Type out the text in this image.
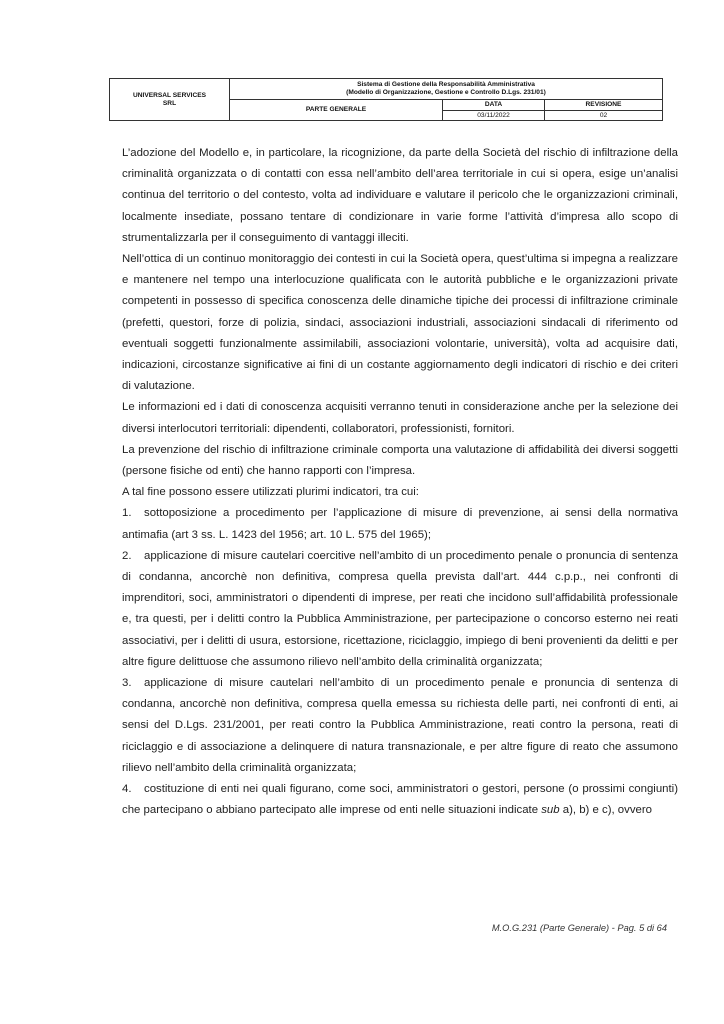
UNIVERSAL SERVICES SRL	Sistema di Gestione della Responsabilità Amministrativa
(Modello di Organizzazione, Gestione e Controllo D.Lgs. 231/01)		

	PARTE GENERALE	DATA	REVISIONE
		03/11/2022	02

L’adozione del Modello e, in particolare, la ricognizione, da parte della Società del rischio di infiltrazione della criminalità organizzata o di contatti con essa nell’ambito dell’area territoriale in cui si opera, esige un’analisi continua del territorio o del contesto, volta ad individuare e valutare il pericolo che le organizzazioni criminali, localmente insediate, possano tentare di condizionare in varie forme l’attività d’impresa allo scopo di strumentalizzarla per il conseguimento di vantaggi illeciti.

Nell’ottica di un continuo monitoraggio dei contesti in cui la Società opera, quest’ultima si impegna a realizzare e mantenere nel tempo una interlocuzione qualificata con le autorità pubbliche e le organizzazioni private competenti in possesso di specifica conoscenza delle dinamiche tipiche dei processi di infiltrazione criminale (prefetti, questori, forze di polizia, sindaci, associazioni industriali, associazioni sindacali di riferimento od eventuali soggetti funzionalmente assimilabili, associazioni volontarie, università), volta ad acquisire dati, indicazioni, circostanze significative ai fini di un costante aggiornamento degli indicatori di rischio e dei criteri di valutazione.

Le informazioni ed i dati di conoscenza acquisiti verranno tenuti in considerazione anche per la selezione dei diversi interlocutori territoriali: dipendenti, collaboratori, professionisti, fornitori.

La prevenzione del rischio di infiltrazione criminale comporta una valutazione di affidabilità dei diversi soggetti (persone fisiche od enti) che hanno rapporti con l’impresa.

A tal fine possono essere utilizzati plurimi indicatori, tra cui:

1. sottoposizione a procedimento per l’applicazione di misure di prevenzione, ai sensi della normativa antimafia (art 3 ss. L. 1423 del 1956; art. 10 L. 575 del 1965);

2. applicazione di misure cautelari coercitive nell’ambito di un procedimento penale o pronuncia di sentenza di condanna, ancorchè non definitiva, compresa quella prevista dall’art. 444 c.p.p., nei confronti di imprenditori, soci, amministratori o dipendenti di imprese, per reati che incidono sull’affidabilità professionale e, tra questi, per i delitti contro la Pubblica Amministrazione, per partecipazione o concorso esterno nei reati associativi, per i delitti di usura, estorsione, ricettazione, riciclaggio, impiego di beni provenienti da delitti e per altre figure delittuose che assumono rilievo nell’ambito della criminalità organizzata;

3. applicazione di misure cautelari nell’ambito di un procedimento penale e pronuncia di sentenza di condanna, ancorchè non definitiva, compresa quella emessa su richiesta delle parti, nei confronti di enti, ai sensi del D.Lgs. 231/2001, per reati contro la Pubblica Amministrazione, reati contro la persona, reati di riciclaggio e di associazione a delinquere di natura transnazionale, e per altre figure di reato che assumono rilievo nell’ambito della criminalità organizzata;

4. costituzione di enti nei quali figurano, come soci, amministratori o gestori, persone (o prossimi congiunti) che partecipano o abbiano partecipato alle imprese od enti nelle situazioni indicate sub a), b) e c), ovvero

M.O.G.231 (Parte Generale) - Pag. 5 di 64
